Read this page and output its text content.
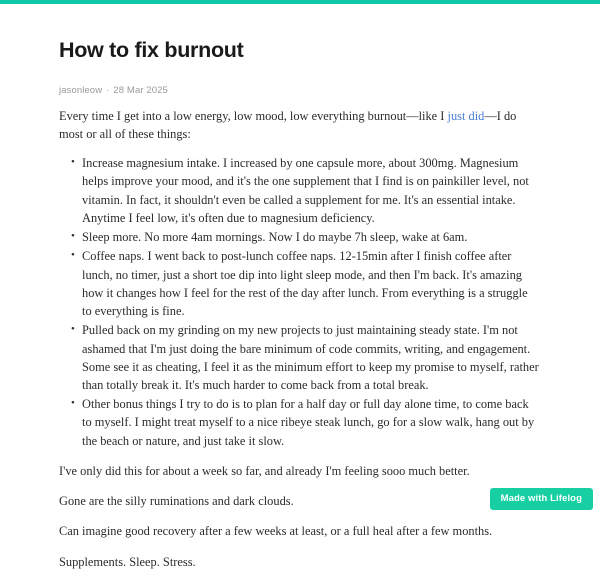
How to fix burnout
jasonleow · 28 Mar 2025

Every time I get into a low energy, low mood, low everything burnout—like I just did—I do most or all of these things:

• Increase magnesium intake. I increased by one capsule more, about 300mg. Magnesium helps improve your mood, and it's the one supplement that I find is on painkiller level, not vitamin. In fact, it shouldn't even be called a supplement for me. It's an essential intake. Anytime I feel low, it's often due to magnesium deficiency.
• Sleep more. No more 4am mornings. Now I do maybe 7h sleep, wake at 6am.
• Coffee naps. I went back to post-lunch coffee naps. 12-15min after I finish coffee after lunch, no timer, just a short toe dip into light sleep mode, and then I'm back. It's amazing how it changes how I feel for the rest of the day after lunch. From everything is a struggle to everything is fine.
• Pulled back on my grinding on my new projects to just maintaining steady state. I'm not ashamed that I'm just doing the bare minimum of code commits, writing, and engagement. Some see it as cheating, I feel it as the minimum effort to keep my promise to myself, rather than totally break it. It's much harder to come back from a total break.
• Other bonus things I try to do is to plan for a half day or full day alone time, to come back to myself. I might treat myself to a nice ribeye steak lunch, go for a slow walk, hang out by the beach or nature, and just take it slow.

I've only did this for about a week so far, and already I'm feeling sooo much better.

Gone are the silly ruminations and dark clouds.

Can imagine good recovery after a few weeks at least, or a full heal after a few months.

Supplements. Sleep. Stress.

Made with Lifelog
